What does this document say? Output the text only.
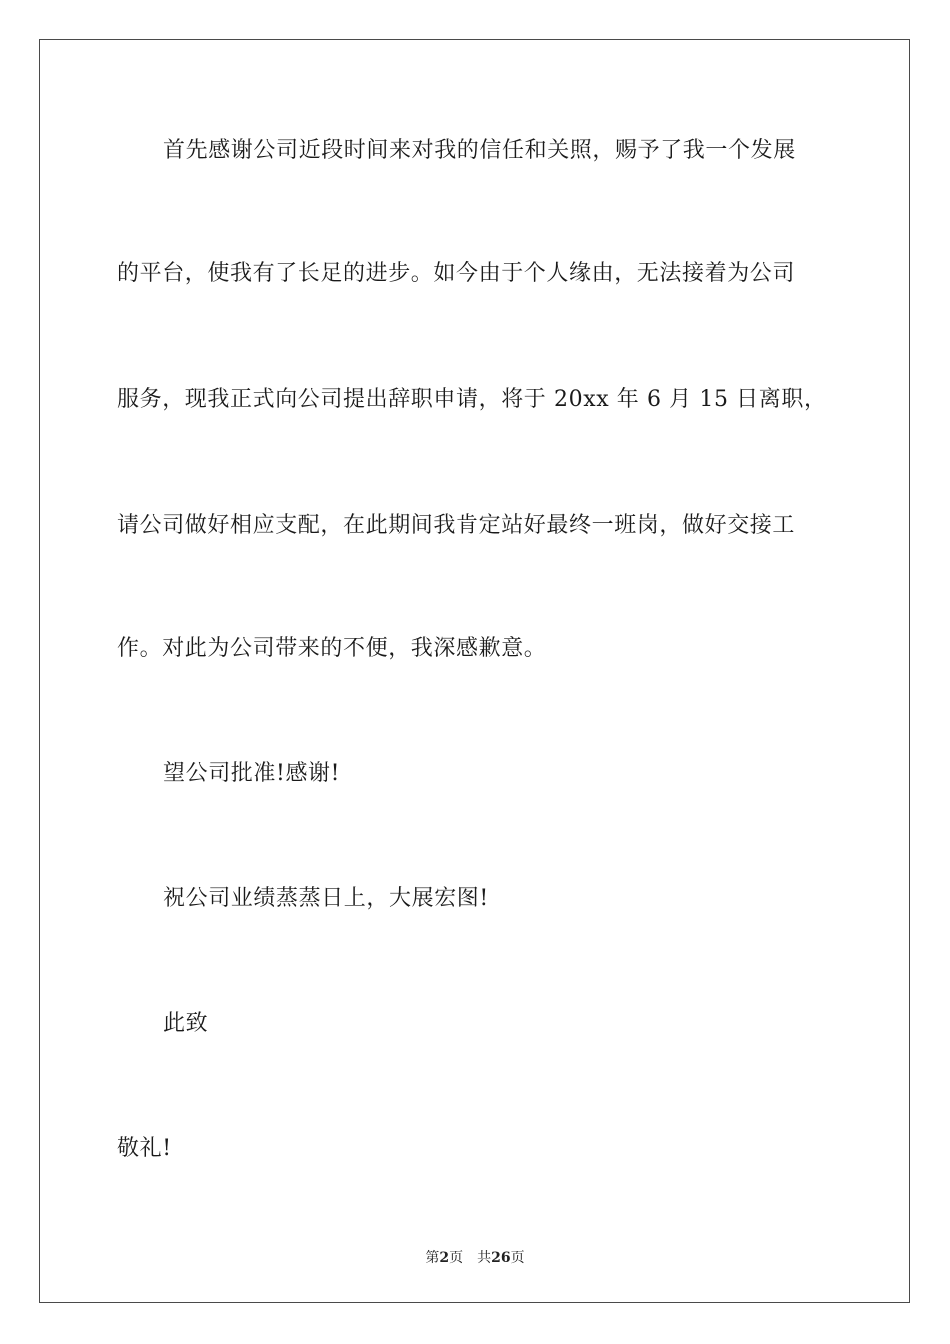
首先感谢公司近段时间来对我的信任和关照，赐予了我一个发展
的平台，使我有了长足的进步。如今由于个人缘由，无法接着为公司
服务，现我正式向公司提出辞职申请，将于 20xx 年 6 月 15 日离职，
请公司做好相应支配，在此期间我肯定站好最终一班岗，做好交接工
作。对此为公司带来的不便，我深感歉意。
望公司批准!感谢!
祝公司业绩蒸蒸日上，大展宏图!
此致
敬礼!
第2页 共26页
